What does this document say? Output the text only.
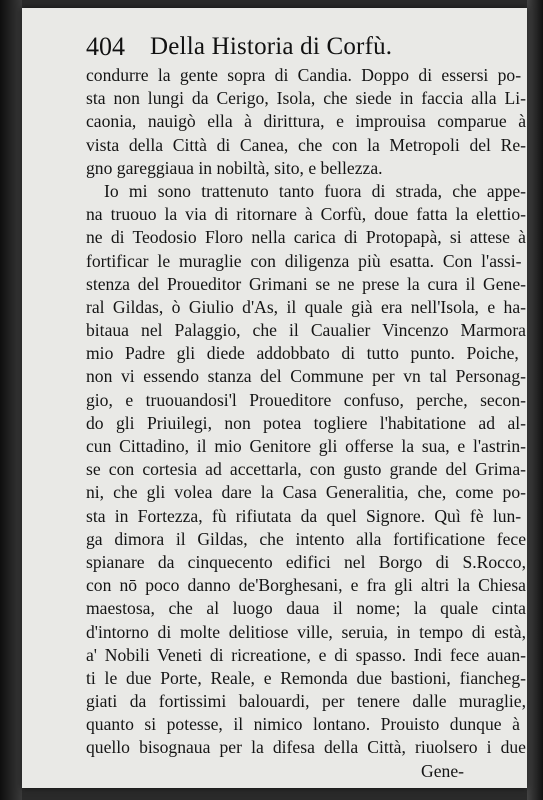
404 Della Historia di Corfù.
condurre la gente sopra di Candia. Doppo di essersi po-
sta non lungi da Cerigo, Isola, che siede in faccia alla Li-
caonia, nauigò ella à dirittura, e improuisa comparue à
vista della Città di Canea, che con la Metropoli del Re-
gno gareggiaua in nobiltà, sito, e bellezza.
Io mi sono trattenuto tanto fuora di strada, che appe-
na truouo la via di ritornare à Corfù, doue fatta la elettio-
ne di Teodosio Floro nella carica di Protopapà, si attese à
fortificar le muraglie con diligenza più esatta. Con l'assi-
stenza del Proueditor Grimani se ne prese la cura il Gene-
ral Gildas, ò Giulio d'As, il quale già era nell'Isola, e ha-
bitaua nel Palaggio, che il Caualier Vincenzo Marmora
mio Padre gli diede addobbato di tutto punto. Poiche,
non vi essendo stanza del Commune per vn tal Personag-
gio, e truouandosi'l Proueditore confuso, perche, secon-
do gli Priuilegi, non potea togliere l'habitatione ad al-
cun Cittadino, il mio Genitore gli offerse la sua, e l'astrin-
se con cortesia ad accettarla, con gusto grande del Grima-
ni, che gli volea dare la Casa Generalitia, che, come po-
sta in Fortezza, fù rifiutata da quel Signore. Quì fè lun-
ga dimora il Gildas, che intento alla fortificatione fece
spianare da cinquecento edifici nel Borgo di S.Rocco,
con nō poco danno de'Borghesani, e fra gli altri la Chiesa
maestosa, che al luogo daua il nome; la quale cinta
d'intorno di molte delitiose ville, seruia, in tempo di està,
a' Nobili Veneti di ricreatione, e di spasso. Indi fece auan-
ti le due Porte, Reale, e Remonda due bastioni, fiancheg-
giati da fortissimi balouardi, per tenere dalle muraglie,
quanto si potesse, il nimico lontano. Prouisto dunque à
quello bisognaua per la difesa della Città, riuolsero i due
Gene-
